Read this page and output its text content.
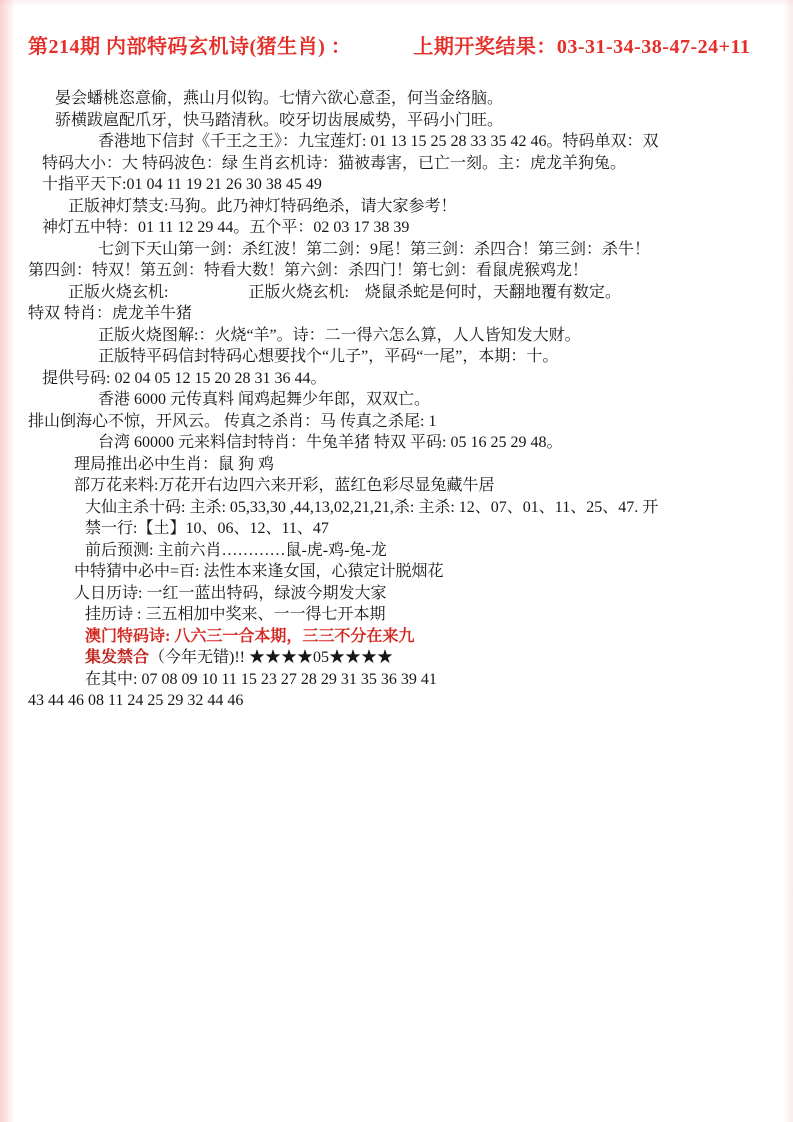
第214期 内部特码玄机诗(猪生肖) ：	上期开奖结果：03-31-34-38-47-24+11

晏会蟠桃恣意偷，燕山月似钩。七情六欲心意歪，何当金络脑。
骄横跋扈配爪牙，快马踏清秋。咬牙切齿展威势，平码小门旺。
香港地下信封《千王之王》：九宝莲灯: 01 13 15 25 28 33 35 42 46。特码单双：双
特码大小：大 特码波色：绿 生肖玄机诗：猫被毒害，已亡一刻。主：虎龙羊狗兔。
十指平天下:01 04 11 19 21 26 30 38 45 49
正版神灯禁支:马狗。此乃神灯特码绝杀，请大家参考！
神灯五中特：01 11 12 29 44。五个平：02 03 17 38 39
七剑下天山第一剑：杀红波！第二剑：9尾！第三剑：杀四合！第三剑：杀牛！
第四剑：特双！第五剑：特看大数！第六剑：杀四门！第七剑：看鼠虎猴鸡龙！
正版火烧玄机:　　　　　正版火烧玄机:　烧鼠杀蛇是何时，天翻地覆有数定。
特双 特肖：虎龙羊牛猪
正版火烧图解:：火烧“羊”。诗：二一得六怎么算，人人皆知发大财。
正版特平码信封特码心想要找个“儿子”，平码“一尾”，本期：十。
提供号码: 02 04 05 12 15 20 28 31 36 44。
香港 6000 元传真料 闻鸡起舞少年郎，双双亡。
排山倒海心不惊，开风云。 传真之杀肖：马 传真之杀尾: 1
台湾 60000 元来料信封特肖：牛兔羊猪 特双 平码: 05 16 25 29 48。
理局推出必中生肖：鼠 狗 鸡
部万花来料:万花开右边四六来开彩，蓝红色彩尽显兔藏牛居
大仙主杀十码: 主杀: 05,33,30 ,44,13,02,21,21,杀: 主杀: 12、07、01、11、25、47. 开
禁一行:【土】10、06、12、11、47
前后预测: 主前六肖…………鼠-虎-鸡-兔-龙
中特猜中必中=百: 法性本来逢女国，心猿定计脱烟花
人日历诗: 一红一蓝出特码，绿波今期发大家
挂历诗 : 三五相加中奖来、一一得七开本期
澳门特码诗: 八六三一合本期，三三不分在来九
集发禁合（今年无错)!! ★★★★05★★★★
在其中: 07 08 09 10 11 15 23 27 28 29 31 35 36 39 41
43 44 46 08 11 24 25 29 32 44 46
